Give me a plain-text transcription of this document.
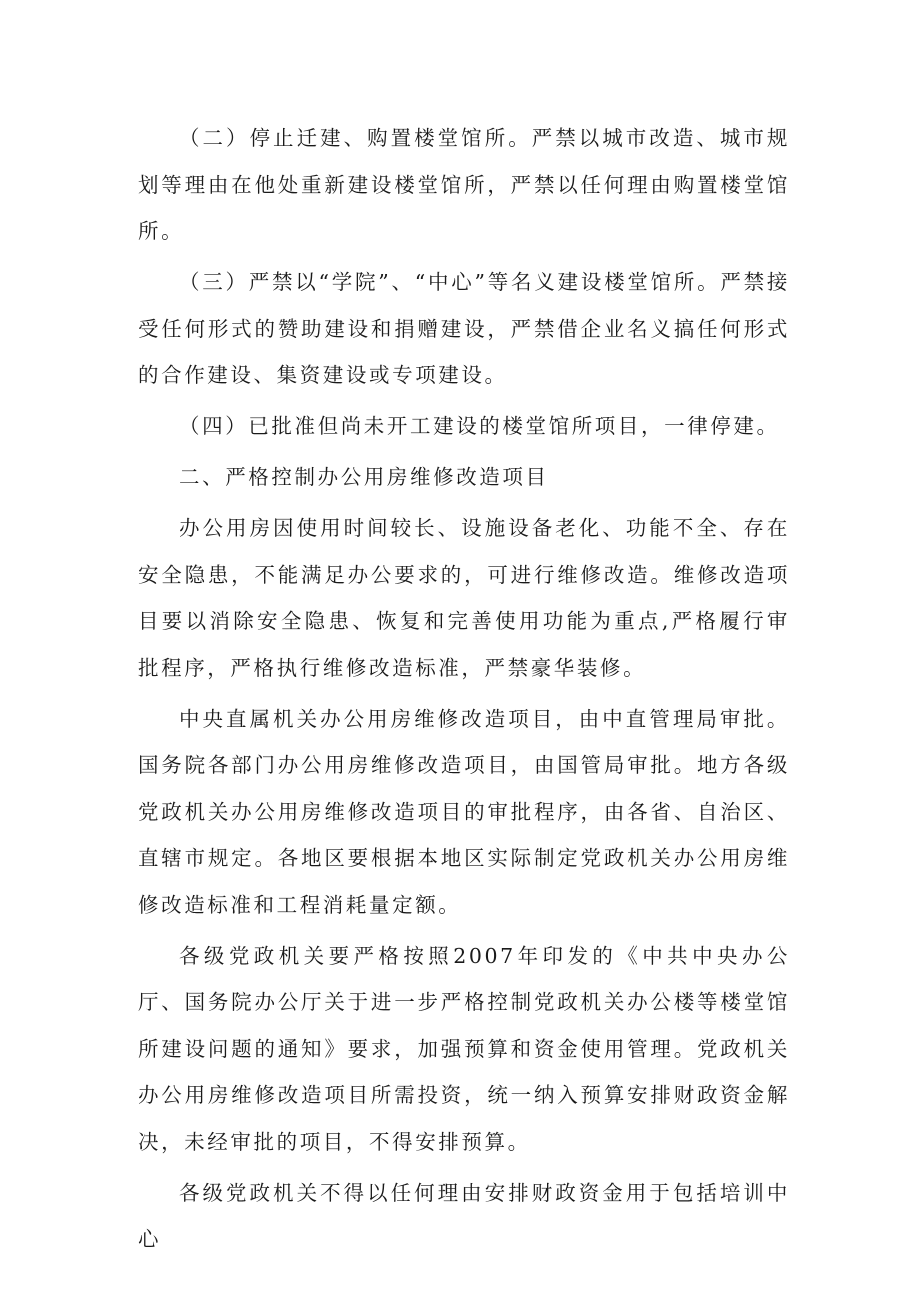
（二）停止迁建、购置楼堂馆所。严禁以城市改造、城市规划等理由在他处重新建设楼堂馆所，严禁以任何理由购置楼堂馆所。

（三）严禁以“学院”、“中心”等名义建设楼堂馆所。严禁接受任何形式的赞助建设和捐赠建设，严禁借企业名义搞任何形式的合作建设、集资建设或专项建设。

（四）已批准但尚未开工建设的楼堂馆所项目，一律停建。

二、严格控制办公用房维修改造项目

办公用房因使用时间较长、设施设备老化、功能不全、存在安全隐患，不能满足办公要求的，可进行维修改造。维修改造项目要以消除安全隐患、恢复和完善使用功能为重点,严格履行审批程序，严格执行维修改造标准，严禁豪华装修。

中央直属机关办公用房维修改造项目，由中直管理局审批。国务院各部门办公用房维修改造项目，由国管局审批。地方各级党政机关办公用房维修改造项目的审批程序，由各省、自治区、直辖市规定。各地区要根据本地区实际制定党政机关办公用房维修改造标准和工程消耗量定额。

各级党政机关要严格按照2007年印发的《中共中央办公厅、国务院办公厅关于进一步严格控制党政机关办公楼等楼堂馆所建设问题的通知》要求，加强预算和资金使用管理。党政机关办公用房维修改造项目所需投资，统一纳入预算安排财政资金解决，未经审批的项目，不得安排预算。

各级党政机关不得以任何理由安排财政资金用于包括培训中心
